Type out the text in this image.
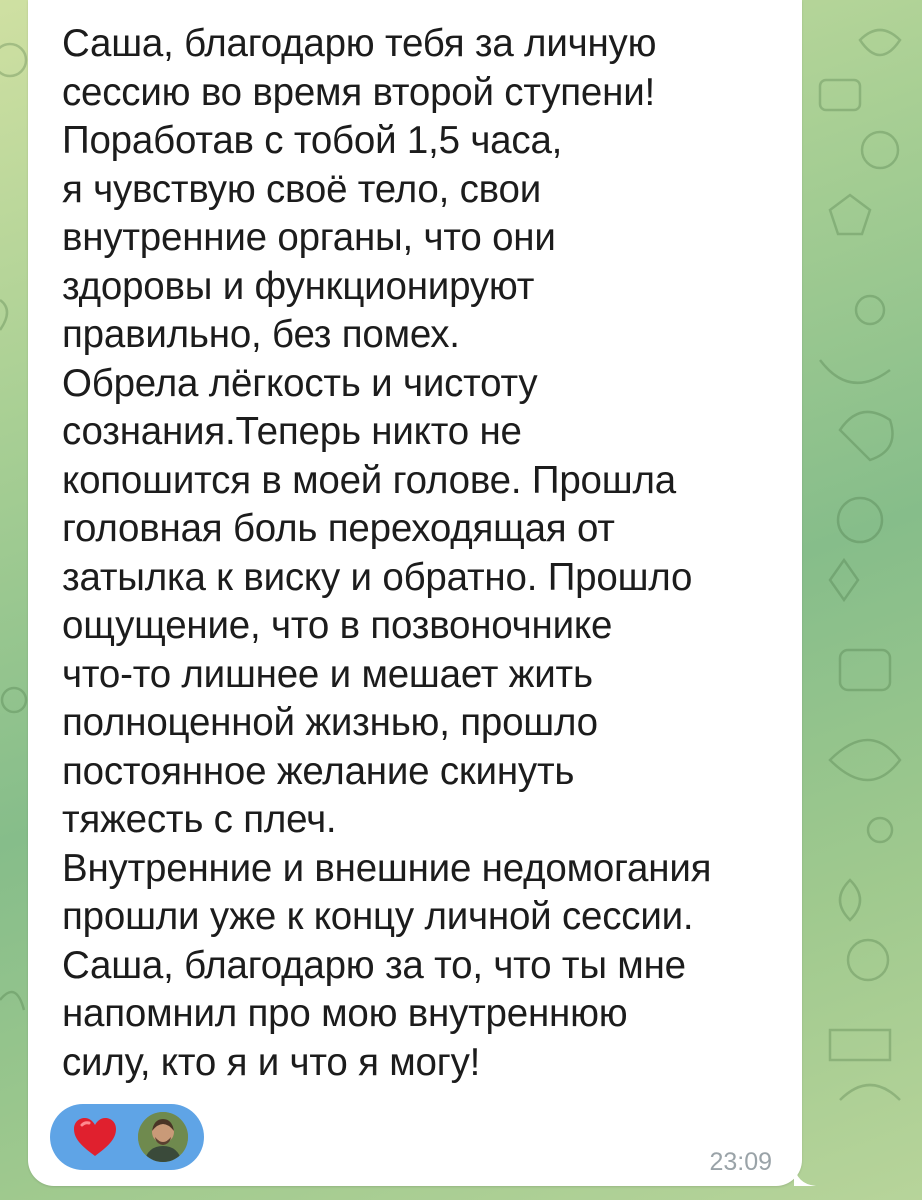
Саша, благодарю тебя за личную
сессию во время второй ступени!
Поработав с тобой 1,5 часа,
я чувствую своё тело, свои
внутренние органы, что они
здоровы и функционируют
правильно, без помех.
Обрела лёгкость и чистоту
сознания.Теперь никто не
копошится в моей голове. Прошла
головная боль переходящая от
затылка к виску и обратно. Прошло
ощущение, что в позвоночнике
что-то лишнее и мешает жить
полноценной жизнью, прошло
постоянное желание скинуть
тяжесть с плеч.
Внутренние и внешние недомогания
прошли уже к концу личной сессии.
Саша, благодарю за то, что ты мне
напомнил про мою внутреннюю
силу, кто я и что я могу!

23:09
